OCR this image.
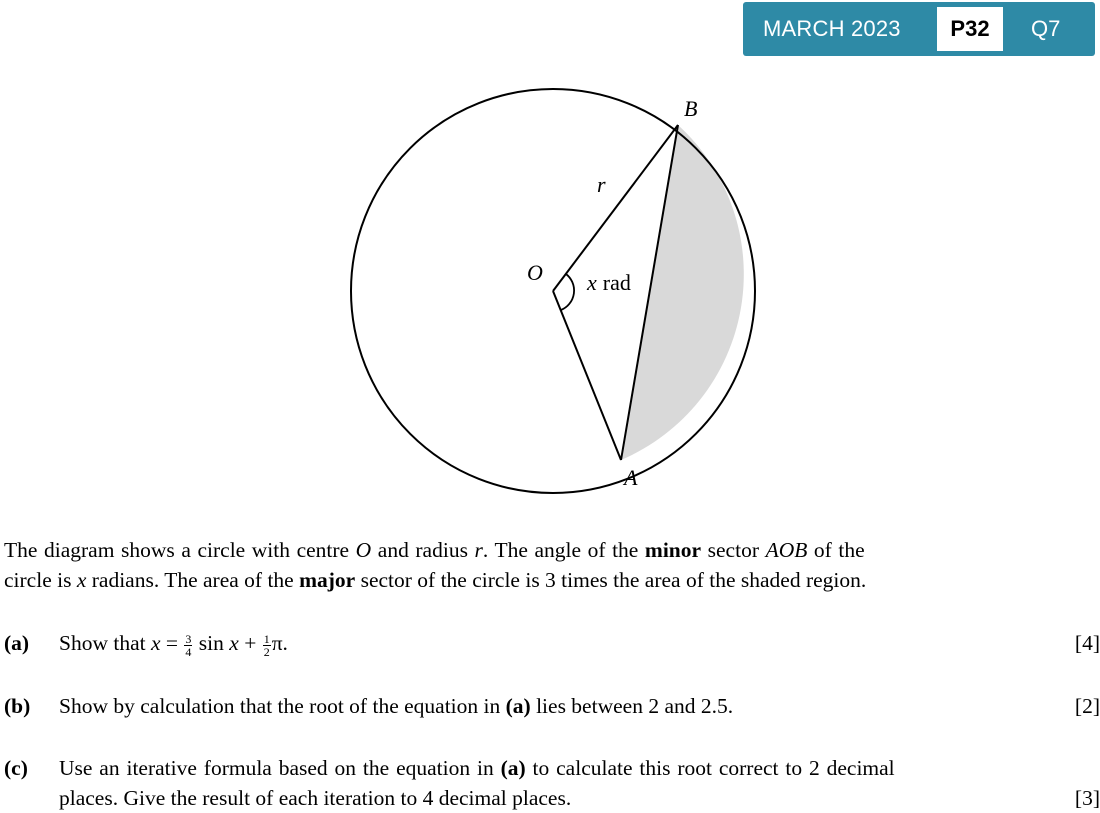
MARCH 2023	P32	Q7
B
A
O
r
x rad
The diagram shows a circle with centre O and radius r. The angle of the minor sector AOB of the
circle is x radians. The area of the major sector of the circle is 3 times the area of the shaded region.
(a) Show that $x = \frac{3}{4}$ $\sin x + \frac{1}{2} \pi$.	[4]
(b) Show by calculation that the root of the equation in (a) lies between 2 and 2.5.	[2]
(c) Use an iterative formula based on the equation in (a) to calculate this root correct to 2 decimal
places. Give the result of each iteration to 4 decimal places.	[3]
